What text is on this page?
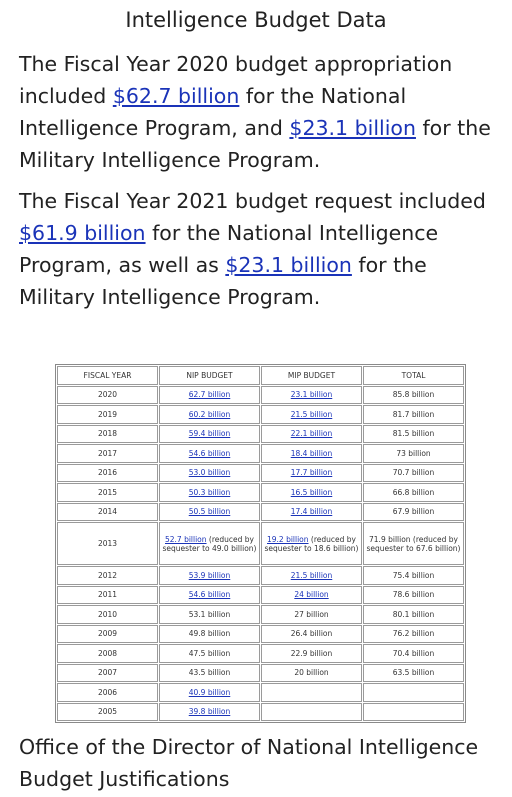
Intelligence Budget Data

The Fiscal Year 2020 budget appropriation included $62.7 billion for the National Intelligence Program, and $23.1 billion for the Military Intelligence Program.

The Fiscal Year 2021 budget request included $61.9 billion for the National Intelligence Program, as well as $23.1 billion for the Military Intelligence Program.

FISCAL YEAR	NIP BUDGET	MIP BUDGET	TOTAL
2020	62.7 billion	23.1 billion	85.8 billion
2019	60.2 billion	21.5 billion	81.7 billion
2018	59.4 billion	22.1 billion	81.5 billion
2017	54.6 billion	18.4 billion	73 billion
2016	53.0 billion	17.7 billion	70.7 billion
2015	50.3 billion	16.5 billion	66.8 billion
2014	50.5 billion	17.4 billion	67.9 billion
2013	52.7 billion (reduced by sequester to 49.0 billion)	19.2 billion (reduced by sequester to 18.6 billion)	71.9 billion (reduced by sequester to 67.6 billion)
2012	53.9 billion	21.5 billion	75.4 billion
2011	54.6 billion	24 billion	78.6 billion
2010	53.1 billion	27 billion	80.1 billion
2009	49.8 billion	26.4 billion	76.2 billion
2008	47.5 billion	22.9 billion	70.4 billion
2007	43.5 billion	20 billion	63.5 billion
2006	40.9 billion		
2005	39.8 billion		

Office of the Director of National Intelligence Budget Justifications
